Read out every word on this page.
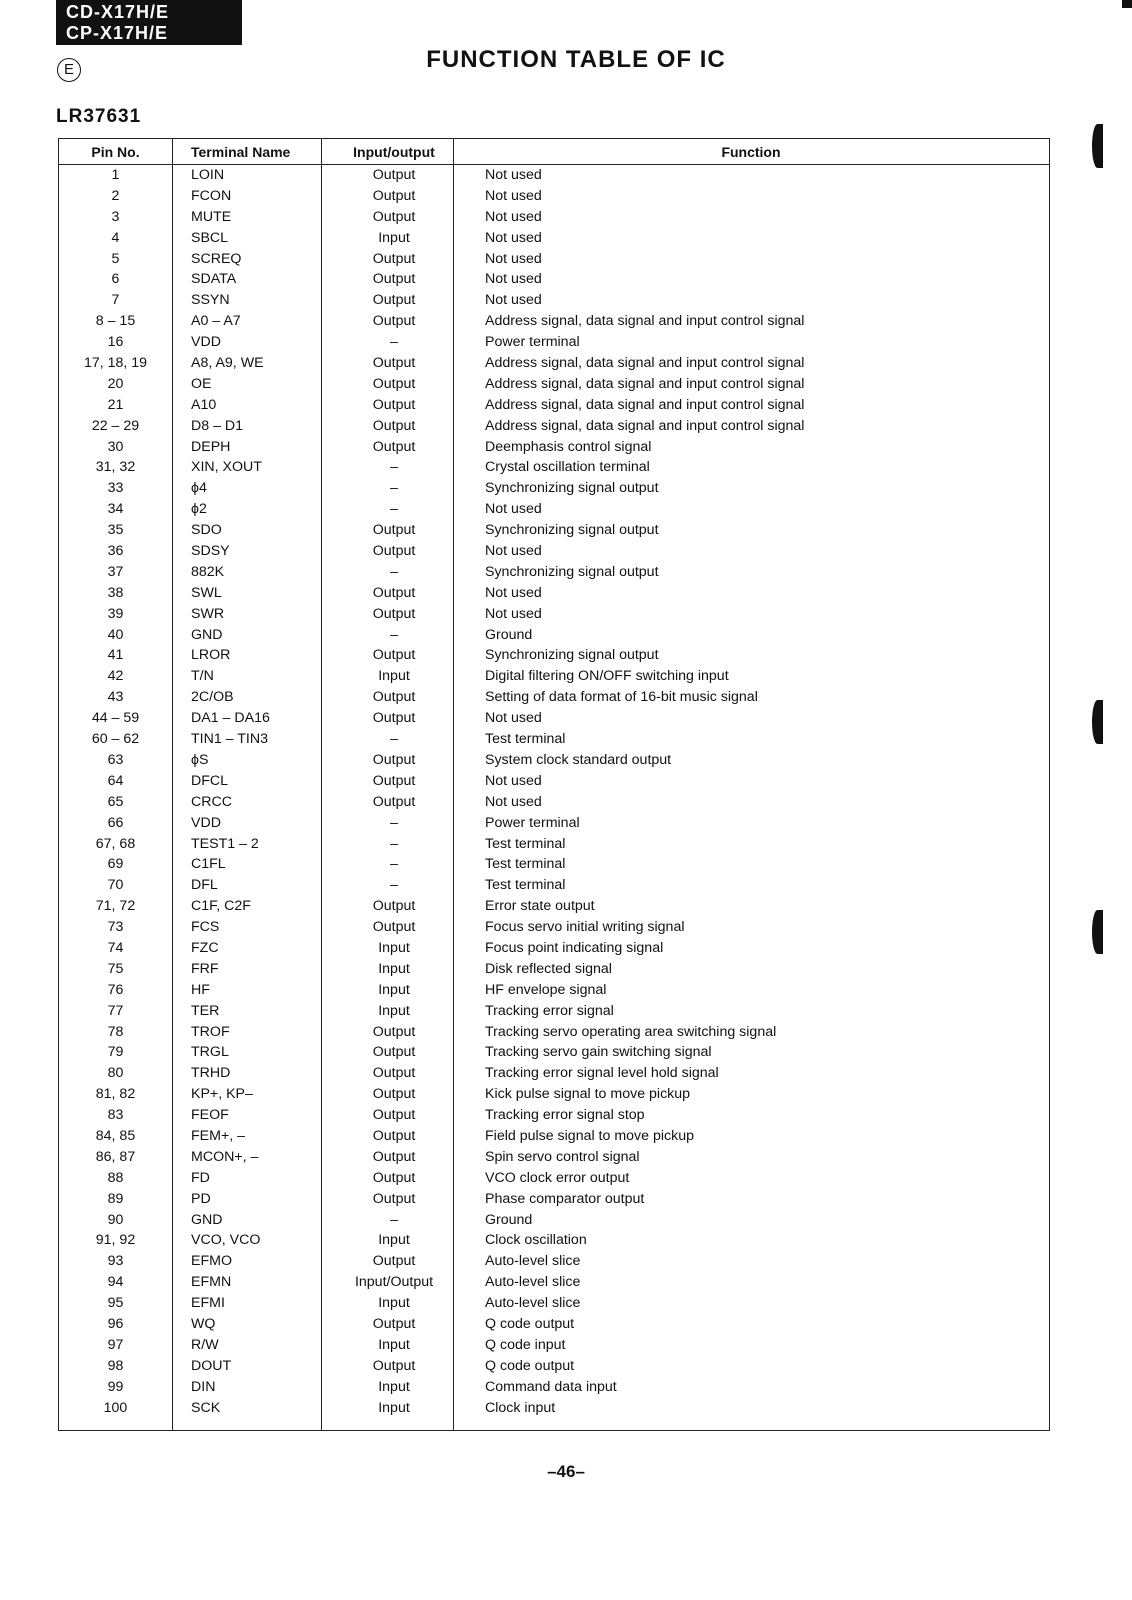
CD-X17H/E
CP-X17H/E
E	FUNCTION TABLE OF IC
LR37631
Pin No.	Terminal Name	Input/output	Function
1	LOIN	Output	Not used
2	FCON	Output	Not used
3	MUTE	Output	Not used
4	SBCL	Input	Not used
5	SCREQ	Output	Not used
6	SDATA	Output	Not used
7	SSYN	Output	Not used
8 – 15	A0 – A7	Output	Address signal, data signal and input control signal
16	VDD	–	Power terminal
17, 18, 19	A8, A9, WE	Output	Address signal, data signal and input control signal
20	OE	Output	Address signal, data signal and input control signal
21	A10	Output	Address signal, data signal and input control signal
22 – 29	D8 – D1	Output	Address signal, data signal and input control signal
30	DEPH	Output	Deemphasis control signal
31, 32	XIN, XOUT	–	Crystal oscillation terminal
33	ϕ4	–	Synchronizing signal output
34	ϕ2	–	Not used
35	SDO	Output	Synchronizing signal output
36	SDSY	Output	Not used
37	882K	–	Synchronizing signal output
38	SWL	Output	Not used
39	SWR	Output	Not used
40	GND	–	Ground
41	LROR	Output	Synchronizing signal output
42	T/N	Input	Digital filtering ON/OFF switching input
43	2C/OB	Output	Setting of data format of 16-bit music signal
44 – 59	DA1 – DA16	Output	Not used
60 – 62	TIN1 – TIN3	–	Test terminal
63	ϕS	Output	System clock standard output
64	DFCL	Output	Not used
65	CRCC	Output	Not used
66	VDD	–	Power terminal
67, 68	TEST1 – 2	–	Test terminal
69	C1FL	–	Test terminal
70	DFL	–	Test terminal
71, 72	C1F, C2F	Output	Error state output
73	FCS	Output	Focus servo initial writing signal
74	FZC	Input	Focus point indicating signal
75	FRF	Input	Disk reflected signal
76	HF	Input	HF envelope signal
77	TER	Input	Tracking error signal
78	TROF	Output	Tracking servo operating area switching signal
79	TRGL	Output	Tracking servo gain switching signal
80	TRHD	Output	Tracking error signal level hold signal
81, 82	KP+, KP–	Output	Kick pulse signal to move pickup
83	FEOF	Output	Tracking error signal stop
84, 85	FEM+, –	Output	Field pulse signal to move pickup
86, 87	MCON+, –	Output	Spin servo control signal
88	FD	Output	VCO clock error output
89	PD	Output	Phase comparator output
90	GND	–	Ground
91, 92	VCO, VCO	Input	Clock oscillation
93	EFMO	Output	Auto-level slice
94	EFMN	Input/Output	Auto-level slice
95	EFMI	Input	Auto-level slice
96	WQ	Output	Q code output
97	R/W	Input	Q code input
98	DOUT	Output	Q code output
99	DIN	Input	Command data input
100	SCK	Input	Clock input
–46–
